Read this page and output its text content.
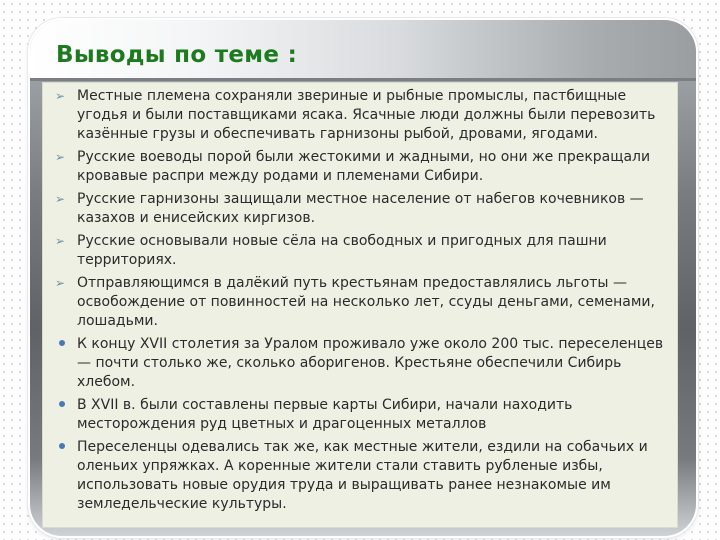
Выводы по теме :
➢ Местные племена сохраняли звериные и рыбные промыслы, пастбищные угодья и были поставщиками ясака. Ясачные люди должны были перевозить казённые грузы и обеспечивать гарнизоны рыбой, дровами, ягодами.
➢ Русские воеводы порой были жестокими и жадными, но они же прекращали кровавые распри между родами и племенами Сибири.
➢ Русские гарнизоны защищали местное население от набегов кочевников — казахов и енисейских киргизов.
➢ Русские основывали новые сёла на свободных и пригодных для пашни территориях.
➢ Отправляющимся в далёкий путь крестьянам предоставлялись льготы — освобождение от повинностей на несколько лет, ссуды деньгами, семенами, лошадьми.
К концу XVII столетия за Уралом проживало уже около 200 тыс. переселенцев — почти столько же, сколько аборигенов. Крестьяне обеспечили Сибирь хлебом.
В XVII в. были составлены первые карты Сибири, начали находить месторождения руд цветных и драгоценных металлов
Переселенцы одевались так же, как местные жители, ездили на собачьих и оленьих упряжках. А коренные жители стали ставить рубленые избы, использовать новые орудия труда и выращивать ранее незнакомые им земледельческие культуры.
